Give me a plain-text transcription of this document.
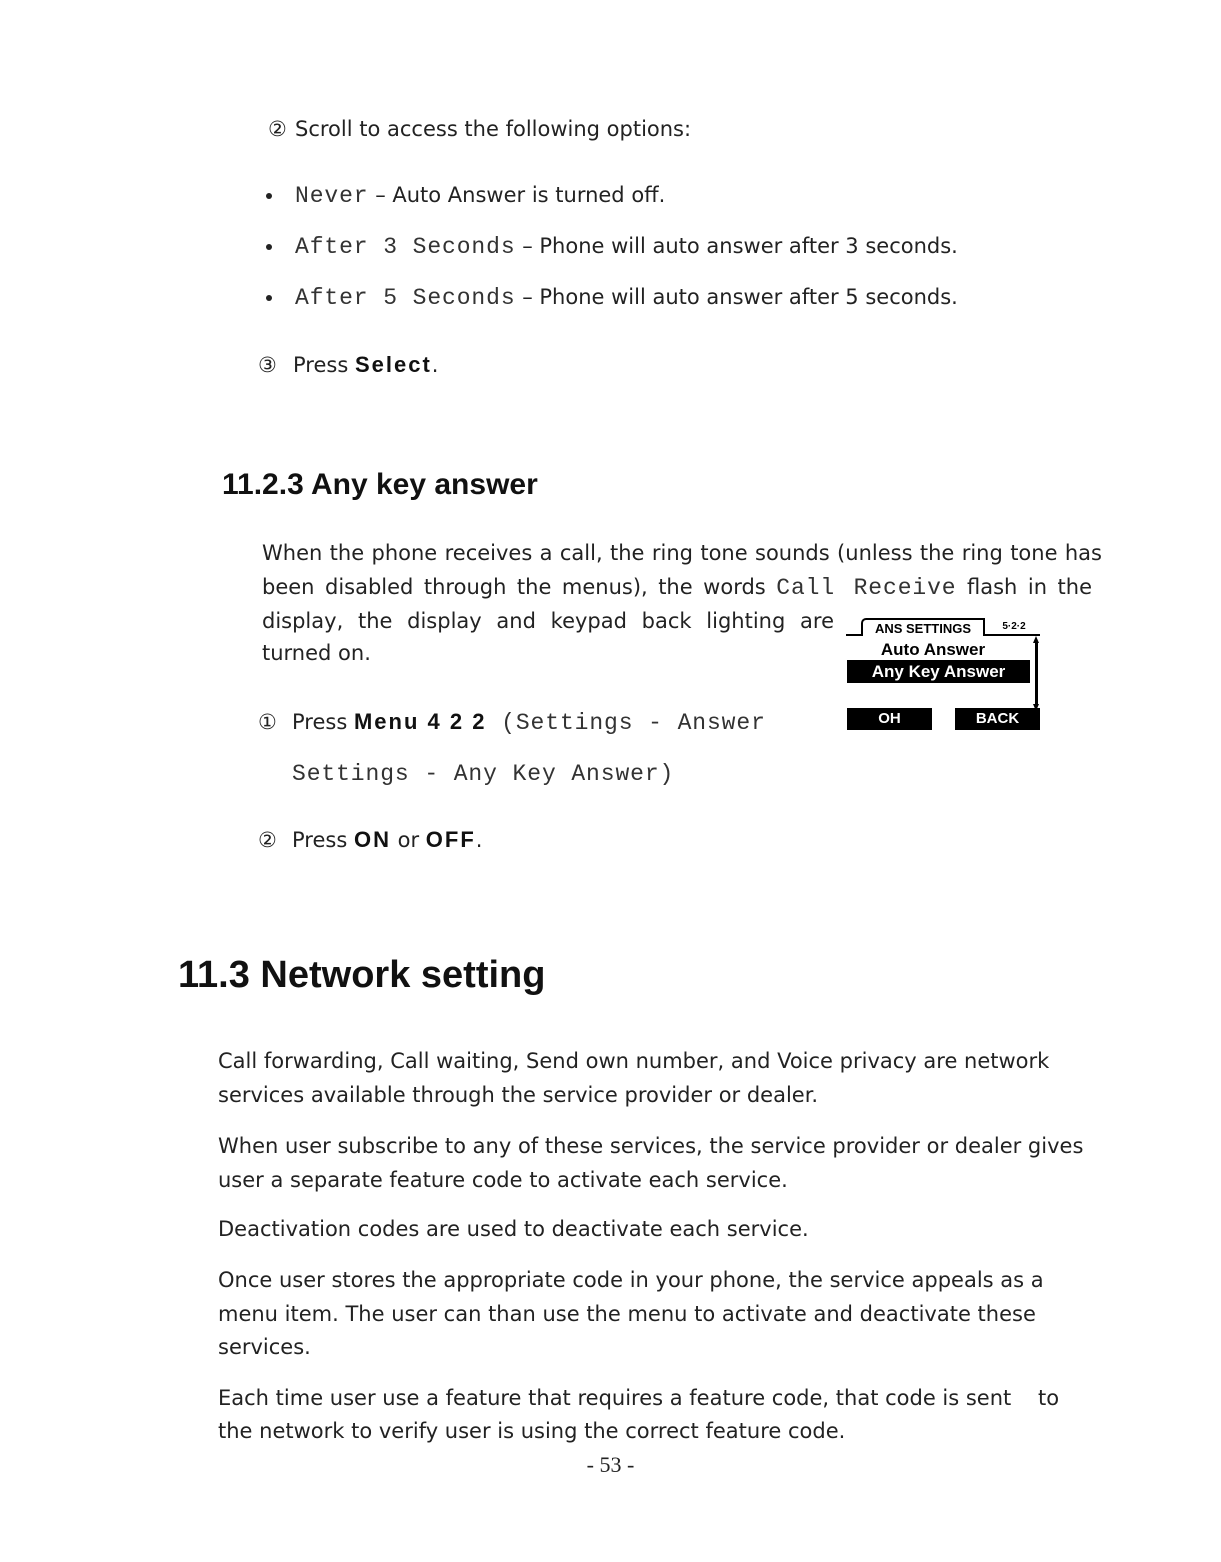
② Scroll to access the following options:
Never – Auto Answer is turned off.
After 3 Seconds – Phone will auto answer after 3 seconds.
After 5 Seconds – Phone will auto answer after 5 seconds.
③ Press Select.
11.2.3 Any key answer
When the phone receives a call, the ring tone sounds (unless the ring tone has
been disabled through the menus), the words Call Receive flash in the
display, the display and keypad back lighting are
turned on.
① Press Menu 4 2 2 (Settings - Answer
Settings - Any Key Answer)
② Press ON or OFF.
ANS SETTINGS	5·2·2
Auto Answer
Any Key Answer
OH	BACK
11.3 Network setting
Call forwarding, Call waiting, Send own number, and Voice privacy are network
services available through the service provider or dealer.
When user subscribe to any of these services, the service provider or dealer gives
user a separate feature code to activate each service.
Deactivation codes are used to deactivate each service.
Once user stores the appropriate code in your phone, the service appeals as a
menu item. The user can than use the menu to activate and deactivate these
services.
Each time user use a feature that requires a feature code, that code is sent    to
the network to verify user is using the correct feature code.
- 53 -
